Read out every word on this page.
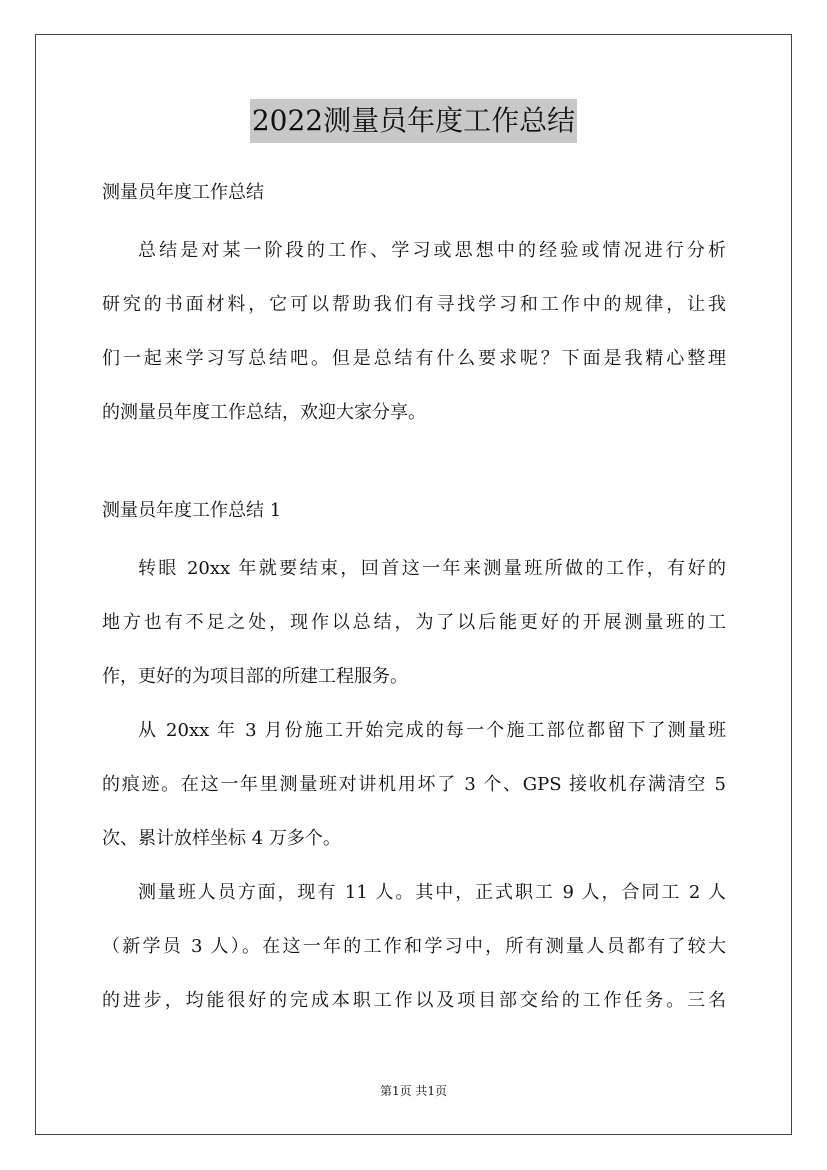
2022测量员年度工作总结
测量员年度工作总结
总结是对某一阶段的工作、学习或思想中的经验或情况进行分析
研究的书面材料，它可以帮助我们有寻找学习和工作中的规律，让我
们一起来学习写总结吧。但是总结有什么要求呢？下面是我精心整理
的测量员年度工作总结，欢迎大家分享。
测量员年度工作总结 1
转眼 20xx 年就要结束，回首这一年来测量班所做的工作，有好的
地方也有不足之处，现作以总结，为了以后能更好的开展测量班的工
作，更好的为项目部的所建工程服务。
从 20xx 年 3 月份施工开始完成的每一个施工部位都留下了测量班
的痕迹。在这一年里测量班对讲机用坏了 3 个、GPS 接收机存满清空 5
次、累计放样坐标 4 万多个。
测量班人员方面，现有 11 人。其中，正式职工 9 人，合同工 2 人
（新学员 3 人）。在这一年的工作和学习中，所有测量人员都有了较大
的进步，均能很好的完成本职工作以及项目部交给的工作任务。三名
第1页 共1页
